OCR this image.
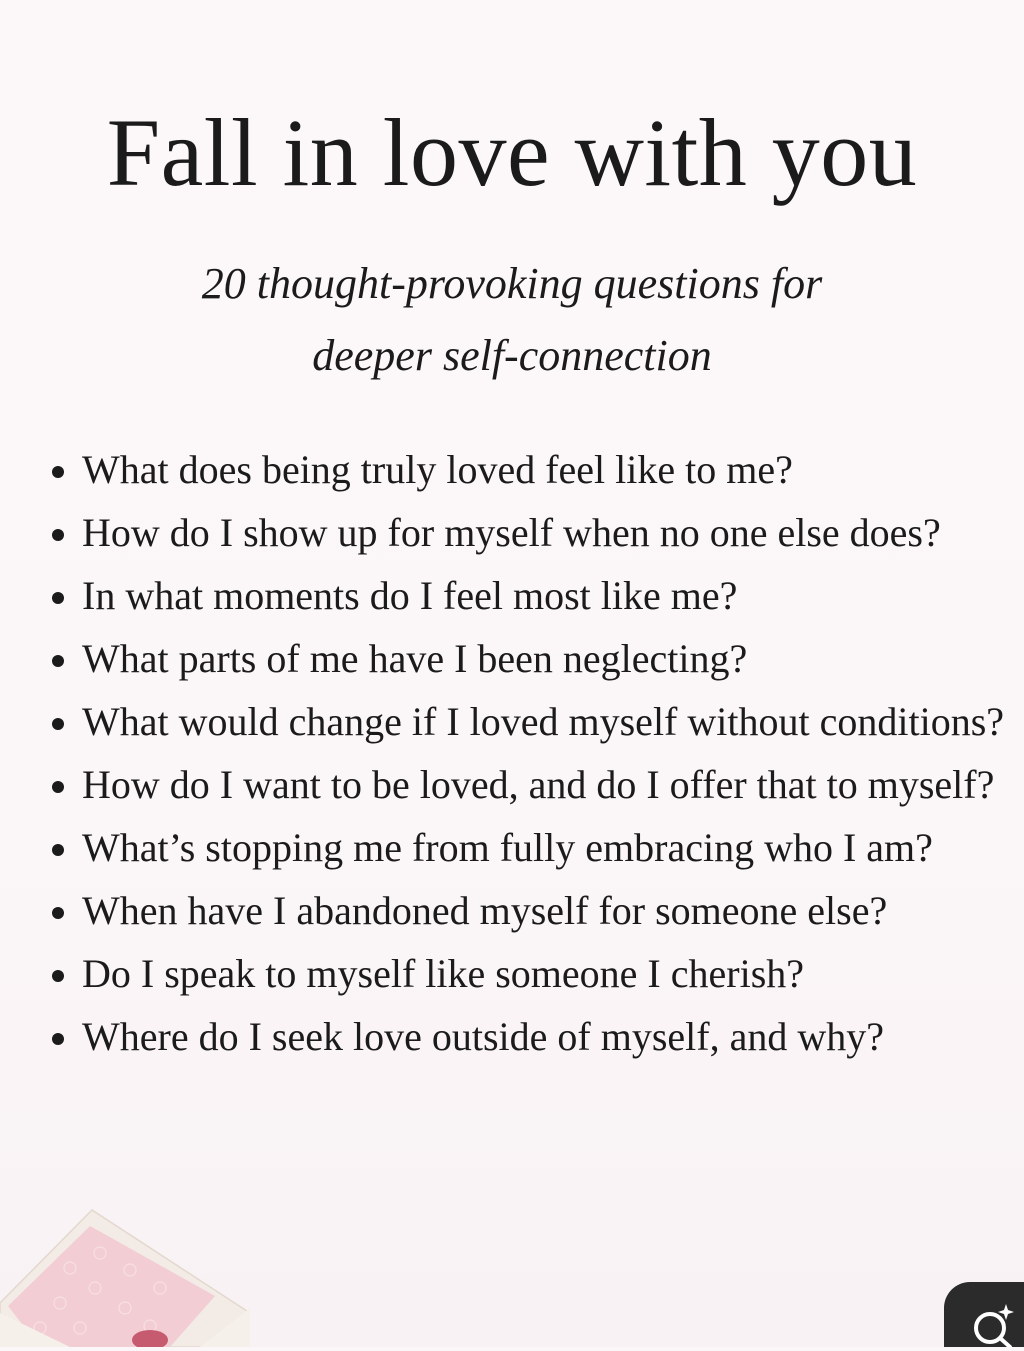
Fall in love with you

20 thought-provoking questions for
deeper self-connection

What does being truly loved feel like to me?
How do I show up for myself when no one else does?
In what moments do I feel most like me?
What parts of me have I been neglecting?
What would change if I loved myself without conditions?
How do I want to be loved, and do I offer that to myself?
What’s stopping me from fully embracing who I am?
When have I abandoned myself for someone else?
Do I speak to myself like someone I cherish?
Where do I seek love outside of myself, and why?
